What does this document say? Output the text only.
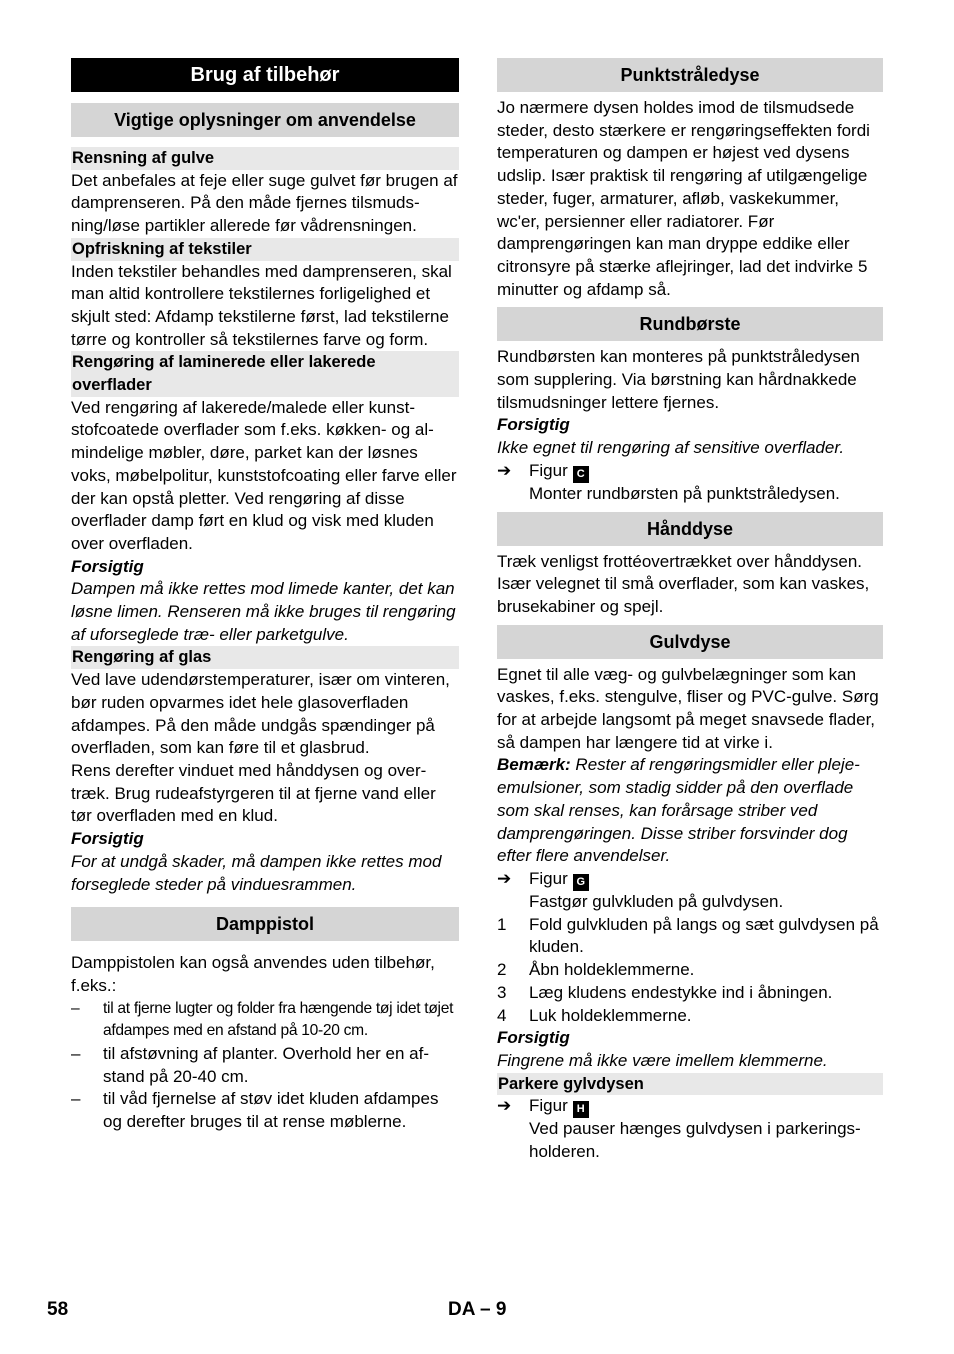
Brug af tilbehør
Vigtige oplysninger om anvendelse
Rensning af gulve

Det anbefales at feje eller suge gulvet før brugen af damprenseren. På den måde fjernes tilsmudsning/løse partikler allerede før vådrensningen.

Opfriskning af tekstiler

Inden tekstiler behandles med damprenseren, skal man altid kontrollere tekstilernes forligelighed et skjult sted: Afdamp tekstilerne først, lad tekstilerne tørre og kontroller så tekstilernes farve og form.

Rengøring af laminerede eller lakerede overflader

Ved rengøring af lakerede/malede eller kunststofcoatede overflader som f.eks. køkken- og almindelige møbler, døre, parket kan der løsnes voks, møbelpolitur, kunststofcoating eller farve eller der kan opstå pletter. Ved rengøring af disse overflader damp ført en klud og visk med kluden over overfladen.

Forsigtig

Dampen må ikke rettes mod limede kanter, det kan løsne limen. Renseren må ikke bruges til rengøring af uforseglede træ- eller parketgulve.

Rengøring af glas

Ved lave udendørstemperaturer, især om vinteren, bør ruden opvarmes idet hele glasoverfladen afdampes. På den måde undgås spændinger på overfladen, som kan føre til et glasbrud.

Rens derefter vinduet med hånddysen og overtræk. Brug rudeafstyrgeren til at fjerne vand eller tør overfladen med en klud.

Forsigtig

For at undgå skader, må dampen ikke rettes mod forseglede steder på vinduesrammen.

Damppistol

Damppistolen kan også anvendes uden tilbehør, f.eks.:

–	til at fjerne lugter og folder fra hængende tøj idet tøjet afdampes med en afstand på 10-20 cm.
–	til afstøvning af planter. Overhold her en afstand på 20-40 cm.
–	til våd fjernelse af støv idet kluden afdampes og derefter bruges til at rense møblerne.
Punktstråledyse

Jo nærmere dysen holdes imod de tilsmudsede steder, desto stærkere er rengøringseffekten fordi temperaturen og dampen er højest ved dysens udslip. Især praktisk til rengøring af utilgængelige steder, fuger, armaturer, afløb, vaskekummer, wc'er, persienner eller radiatorer. Før damprengøringen kan man dryppe eddike eller citronsyre på stærke aflejringer, lad det indvirke 5 minutter og afdamp så.

Rundbørste

Rundbørsten kan monteres på punktstråledysen som supplering. Via børstning kan hårdnakkede tilsmudsninger lettere fjernes.

Forsigtig

Ikke egnet til rengøring af sensitive overflader.

➔	Figur C
Monter rundbørsten på punktstråledysen.
Hånddyse

Træk venligst frottéovertrækket over hånddysen. Især velegnet til små overflader, som kan vaskes, brusekabiner og spejl.

Gulvdyse

Egnet til alle væg- og gulvbelægninger som kan vaskes, f.eks. stengulve, fliser og PVC-gulve. Sørg for at arbejde langsomt på meget snavsede flader, så dampen har længere tid at virke i.

Bemærk: Rester af rengøringsmidler eller plejeemulsioner, som stadig sidder på den overflade som skal renses, kan forårsage striber ved damprengøringen. Disse striber forsvinder dog efter flere anvendelser.

➔	Figur G
Fastgør gulvkluden på gulvdysen.
1	Fold gulvkluden på langs og sæt gulvdysen på kluden.
2	Åbn holdeklemmerne.
3	Læg kludens endestykke ind i åbningen.
4	Luk holdeklemmerne.

Forsigtig

Fingrene må ikke være imellem klemmerne.

Parkere gylvdysen
➔	Figur H
Ved pauser hænges gulvdysen i parkeringsholderen.
58	DA – 9
